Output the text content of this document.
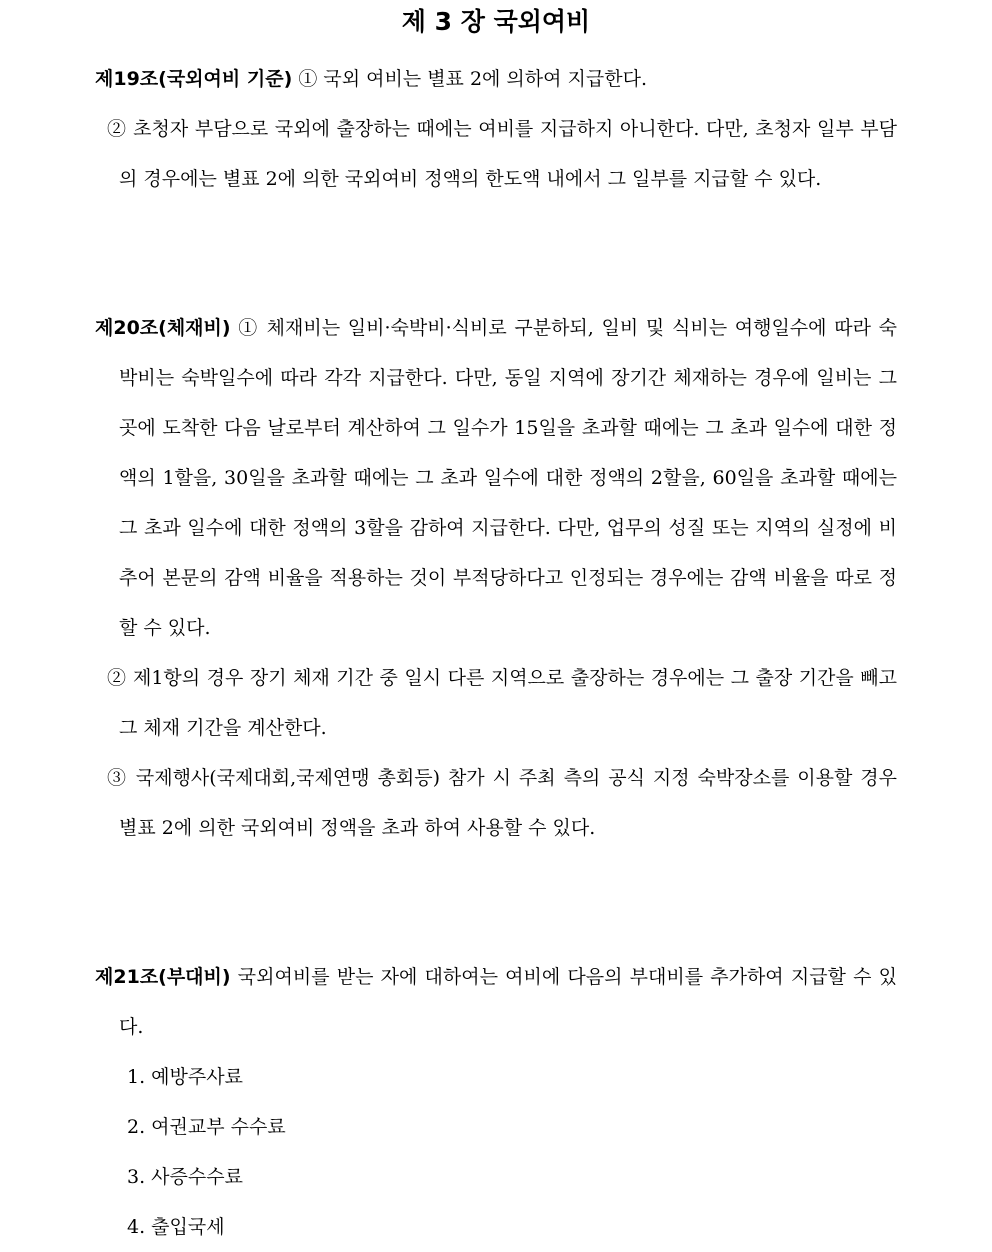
제 3 장 국외여비

제19조(국외여비 기준) ① 국외 여비는 별표 2에 의하여 지급한다.

② 초청자 부담으로 국외에 출장하는 때에는 여비를 지급하지 아니한다. 다만, 초청자 일부 부담의 경우에는 별표 2에 의한 국외여비 정액의 한도액 내에서 그 일부를 지급할 수 있다.

제20조(체재비) ① 체재비는 일비·숙박비·식비로 구분하되, 일비 및 식비는 여행일수에 따라 숙박비는 숙박일수에 따라 각각 지급한다. 다만, 동일 지역에 장기간 체재하는 경우에 일비는 그곳에 도착한 다음 날로부터 계산하여 그 일수가 15일을 초과할 때에는 그 초과 일수에 대한 정액의 1할을, 30일을 초과할 때에는 그 초과 일수에 대한 정액의 2할을, 60일을 초과할 때에는 그 초과 일수에 대한 정액의 3할을 감하여 지급한다. 다만, 업무의 성질 또는 지역의 실정에 비추어 본문의 감액 비율을 적용하는 것이 부적당하다고 인정되는 경우에는 감액 비율을 따로 정할 수 있다.

② 제1항의 경우 장기 체재 기간 중 일시 다른 지역으로 출장하는 경우에는 그 출장 기간을 빼고 그 체재 기간을 계산한다.

③ 국제행사(국제대회,국제연맹 총회등) 참가 시 주최 측의 공식 지정 숙박장소를 이용할 경우 별표 2에 의한 국외여비 정액을 초과 하여 사용할 수 있다.

제21조(부대비) 국외여비를 받는 자에 대하여는 여비에 다음의 부대비를 추가하여 지급할 수 있다.

1. 예방주사료
2. 여권교부 수수료
3. 사증수수료
4. 출입국세
